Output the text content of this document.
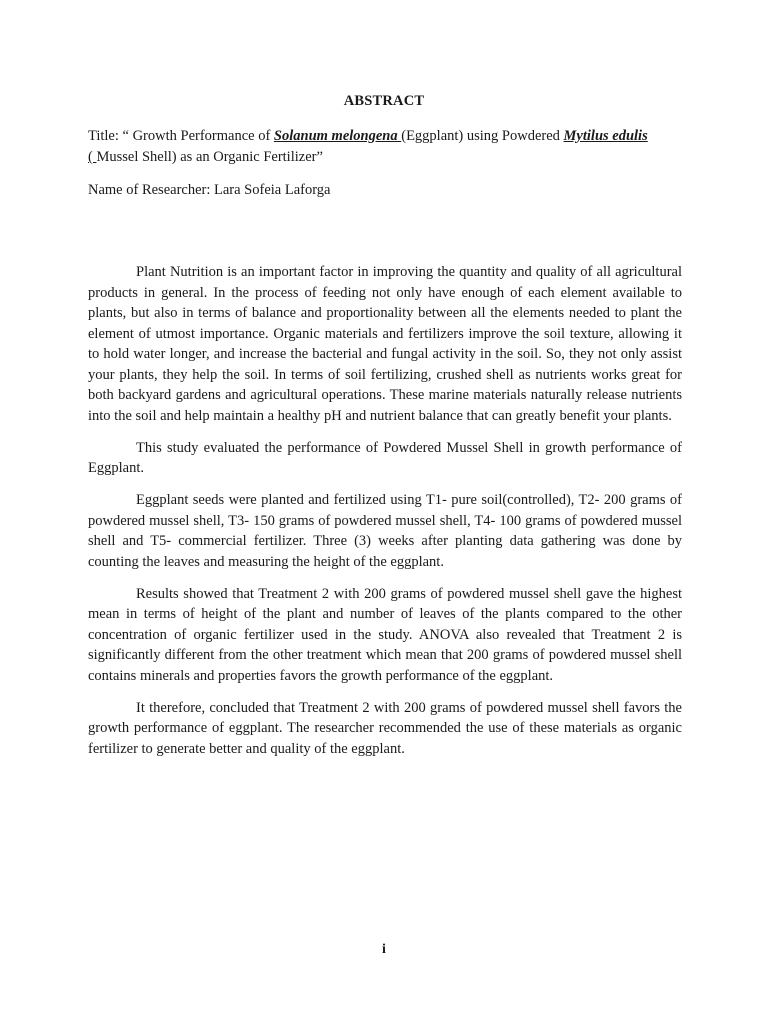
ABSTRACT
Title: “ Growth Performance of Solanum melongena (Eggplant) using Powdered Mytilus edulis
( Mussel Shell) as an Organic Fertilizer”
Name of Researcher: Lara Sofeia Laforga

Plant Nutrition is an important factor in improving the quantity and quality of all agricultural products in general. In the process of feeding not only have enough of each element available to plants, but also in terms of balance and proportionality between all the elements needed to plant the element of utmost importance. Organic materials and fertilizers improve the soil texture, allowing it to hold water longer, and increase the bacterial and fungal activity in the soil. So, they not only assist your plants, they help the soil. In terms of soil fertilizing, crushed shell as nutrients works great for both backyard gardens and agricultural operations. These marine materials naturally release nutrients into the soil and help maintain a healthy pH and nutrient balance that can greatly benefit your plants.

This study evaluated the performance of Powdered Mussel Shell in growth performance of Eggplant.

Eggplant seeds were planted and fertilized using T1- pure soil(controlled), T2- 200 grams of powdered mussel shell, T3- 150 grams of powdered mussel shell, T4- 100 grams of powdered mussel shell and T5- commercial fertilizer. Three (3) weeks after planting data gathering was done by counting the leaves and measuring the height of the eggplant.

Results showed that Treatment 2 with 200 grams of powdered mussel shell gave the highest mean in terms of height of the plant and number of leaves of the plants compared to the other concentration of organic fertilizer used in the study. ANOVA also revealed that Treatment 2 is significantly different from the other treatment which mean that 200 grams of powdered mussel shell contains minerals and properties favors the growth performance of the eggplant.

It therefore, concluded that Treatment 2 with 200 grams of powdered mussel shell favors the growth performance of eggplant. The researcher recommended the use of these materials as organic fertilizer to generate better and quality of the eggplant.

i
